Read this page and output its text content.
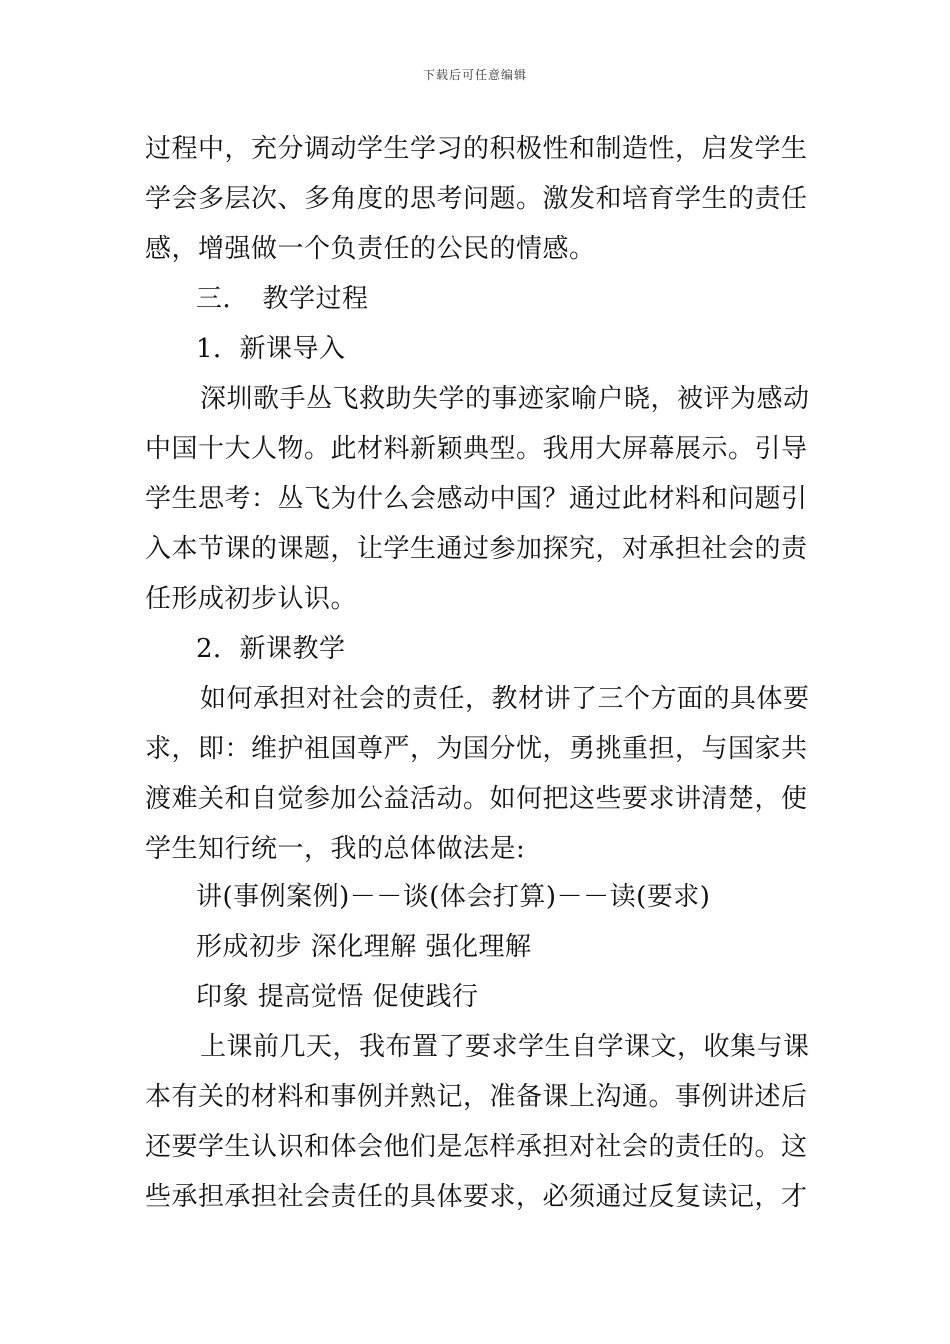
下载后可任意编辑
过程中，充分调动学生学习的积极性和制造性，启发学生
学会多层次、多角度的思考问题。激发和培育学生的责任
感，增强做一个负责任的公民的情感。
三．　教学过程
1．新课导入
深圳歌手丛飞救助失学的事迹家喻户晓，被评为感动
中国十大人物。此材料新颖典型。我用大屏幕展示。引导
学生思考：丛飞为什么会感动中国？通过此材料和问题引
入本节课的课题，让学生通过参加探究，对承担社会的责
任形成初步认识。
2．新课教学
如何承担对社会的责任，教材讲了三个方面的具体要
求，即：维护祖国尊严，为国分忧，勇挑重担，与国家共
渡难关和自觉参加公益活动。如何把这些要求讲清楚，使
学生知行统一，我的总体做法是:
讲(事例案例)－－谈(体会打算)－－读(要求)
形成初步 深化理解 强化理解
印象 提高觉悟 促使践行
上课前几天，我布置了要求学生自学课文，收集与课
本有关的材料和事例并熟记，准备课上沟通。事例讲述后
还要学生认识和体会他们是怎样承担对社会的责任的。这
些承担承担社会责任的具体要求，必须通过反复读记，才
